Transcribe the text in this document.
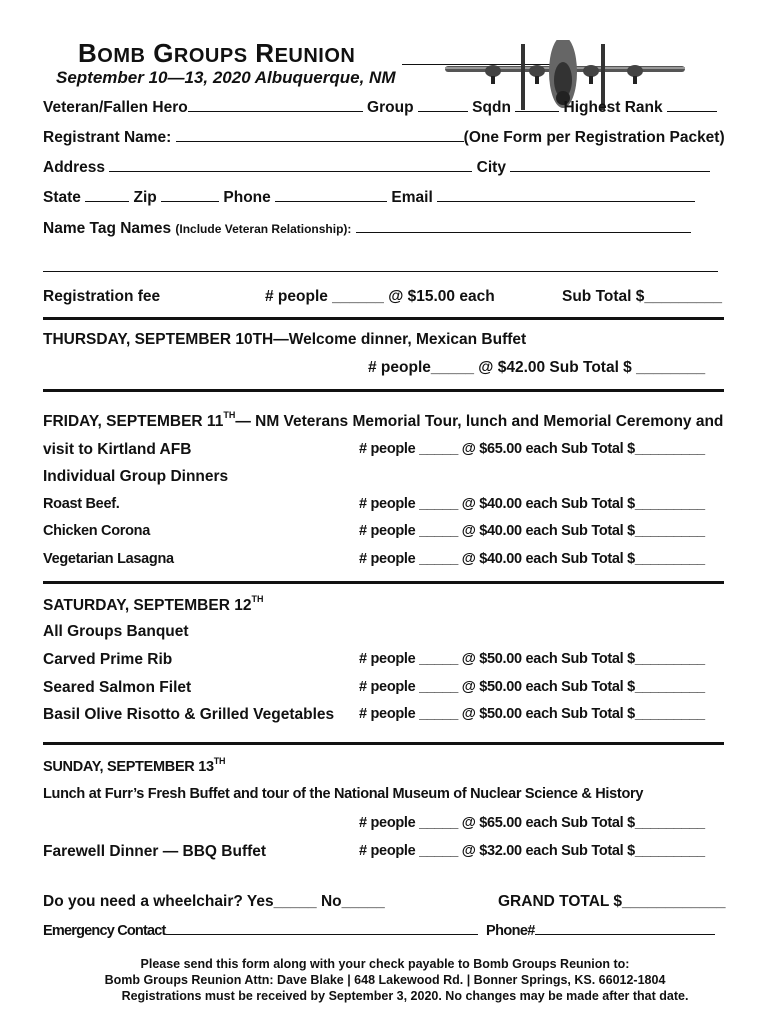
BOMB GROUPS REUNION
September 10—13, 2020 Albuquerque, NM
Veteran/Fallen Hero	Group	Sqdn	Highest Rank
Registrant Name:	(One Form per Registration Packet)
Address	City
State	Zip	Phone	Email
Name Tag Names (Include Veteran Relationship):
Registration fee	# people ______ @ $15.00 each	Sub Total $_________
THURSDAY, SEPTEMBER 10TH—Welcome dinner, Mexican Buffet
# people_____ @ $42.00 Sub Total $ ________
FRIDAY, SEPTEMBER 11TH— NM Veterans Memorial Tour, lunch and Memorial Ceremony and
visit to Kirtland AFB	# people _____ @ $65.00 each Sub Total $_________
Individual Group Dinners
Roast Beef.	# people _____ @ $40.00 each Sub Total $_________
Chicken Corona	# people _____ @ $40.00 each Sub Total $_________
Vegetarian Lasagna	# people _____ @ $40.00 each Sub Total $_________
SATURDAY, SEPTEMBER 12TH
All Groups Banquet
Carved Prime Rib	# people _____ @ $50.00 each Sub Total $_________
Seared Salmon Filet	# people _____ @ $50.00 each Sub Total $_________
Basil Olive Risotto & Grilled Vegetables # people _____ @ $50.00 each Sub Total $_________
SUNDAY, SEPTEMBER 13TH
Lunch at Furr’s Fresh Buffet and tour of the National Museum of Nuclear Science & History
# people _____ @ $65.00 each Sub Total $_________
Farewell Dinner — BBQ Buffet	# people _____ @ $32.00 each Sub Total $_________
Do you need a wheelchair? Yes_____ No_____	GRAND TOTAL $____________
Emergency Contact	Phone#
Please send this form along with your check payable to Bomb Groups Reunion to:
Bomb Groups Reunion Attn: Dave Blake | 648 Lakewood Rd. | Bonner Springs, KS. 66012-1804
Registrations must be received by September 3, 2020. No changes may be made after that date.
